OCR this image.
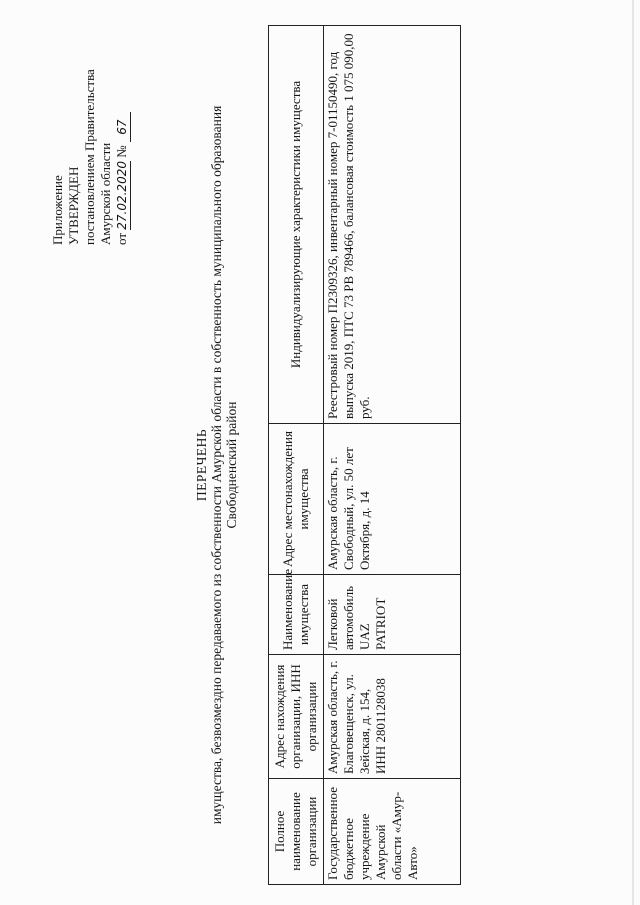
Приложение УТВЕРЖДЕН постановлением Правительства Амурской области от 27.02.2020 № 67
ПЕРЕЧЕНЬ имущества, безвозмездно передаваемого из собственности Амурской области в собственность муниципального образования Свободненский район
Полное наименование организации	Адрес нахождения организации, ИНН организации	Наименование имущества	Адрес местонахождения имущества	Индивидуализирующие характеристики имущества
Государственное бюджетное учреждение Амурской области «Амур-Авто»	Амурская область, г. Благовещенск, ул. Зейская, д. 154, ИНН 2801128038	Легковой автомобиль UAZ PATRIOT	Амурская область, г. Свободный, ул. 50 лет Октября, д. 14	Реестровый номер П2309326, инвентарный номер 7-01150490, год выпуска 2019, ПТС 73 РВ 789466, балансовая стоимость 1 075 090,00 руб.
